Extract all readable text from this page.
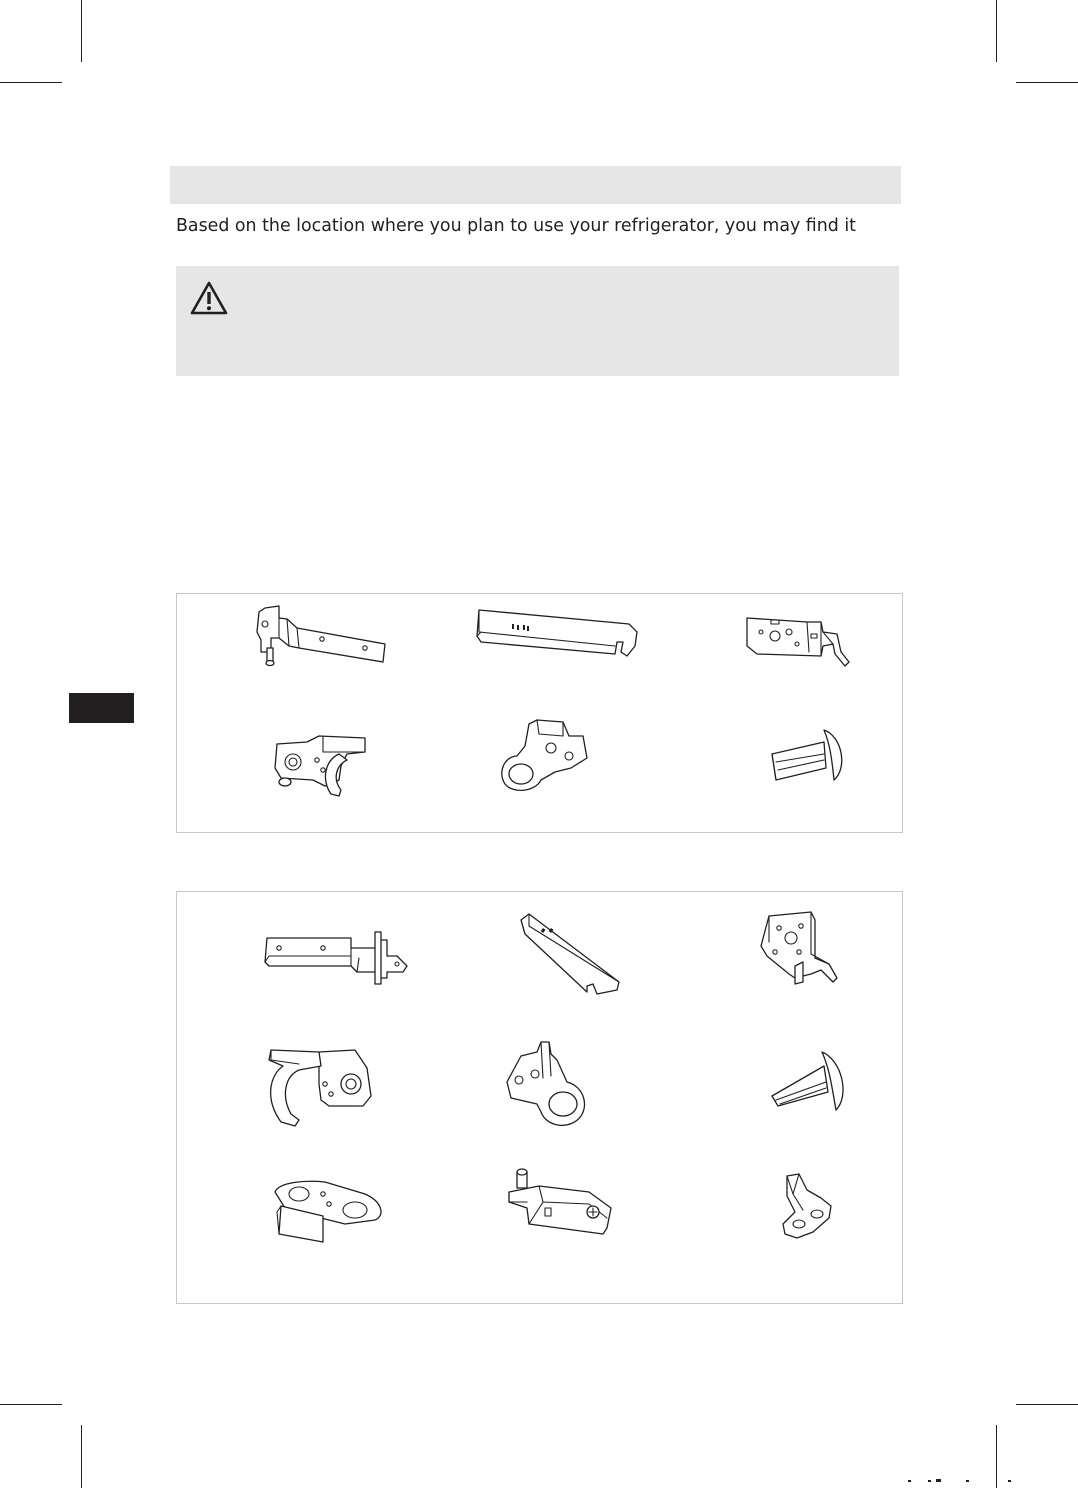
Based on the location where you plan to use your refrigerator, you may find it
